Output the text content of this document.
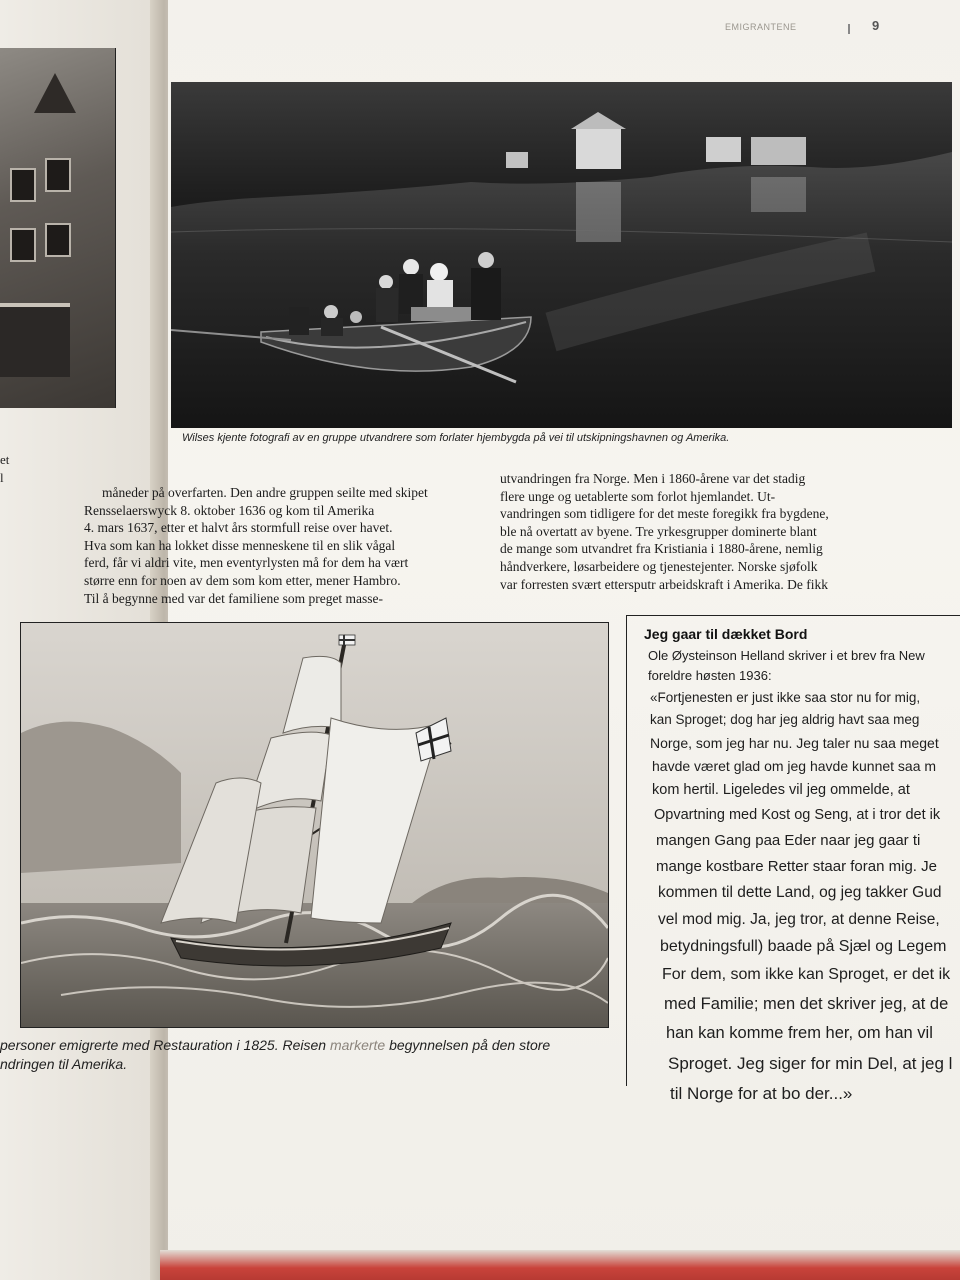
et
l
EMIGRANTENE	9
Wilses kjente fotografi av en gruppe utvandrere som forlater hjembygda på vei til utskipningshavnen og Amerika.

måneder på overfarten. Den andre gruppen seilte med skipet

Rensselaerswyck 8. oktober 1636 og kom til Amerika

4. mars 1637, etter et halvt års stormfull reise over havet.

Hva som kan ha lokket disse menneskene til en slik vågal

ferd, får vi aldri vite, men eventyrlysten må for dem ha vært

større enn for noen av dem som kom etter, mener Hambro.

Til å begynne med var det familiene som preget masse-

utvandringen fra Norge. Men i 1860-årene var det stadig

flere unge og uetablerte som forlot hjemlandet. Ut-

vandringen som tidligere for det meste foregikk fra bygdene,

ble nå overtatt av byene. Tre yrkesgrupper dominerte blant

de mange som utvandret fra Kristiania i 1880-årene, nemlig

håndverkere, løsarbeidere og tjenestejenter. Norske sjøfolk

var forresten svært ettersputr arbeidskraft i Amerika. De fikk

personer emigrerte med Restauration i 1825. Reisen markerte begynnelsen på den store
ndringen til Amerika.
Jeg gaar til dækket Bord
Ole Øysteinson Helland skriver i et brev fra New
foreldre høsten 1936:
«Fortjenesten er just ikke saa stor nu for mig,
kan Sproget; dog har jeg aldrig havt saa meg
Norge, som jeg har nu. Jeg taler nu saa meget
havde været glad om jeg havde kunnet saa m
kom hertil. Ligeledes vil jeg ommelde, at
Opvartning med Kost og Seng, at i tror det ik
mangen Gang paa Eder naar jeg gaar ti
mange kostbare Retter staar foran mig. Je
kommen til dette Land, og jeg takker Gud
vel mod mig. Ja, jeg tror, at denne Reise,
betydningsfull) baade på Sjæl og Legem
For dem, som ikke kan Sproget, er det ik
med Familie; men det skriver jeg, at de
han kan komme frem her, om han vil
Sproget. Jeg siger for min Del, at jeg l
til Norge for at bo der...»
